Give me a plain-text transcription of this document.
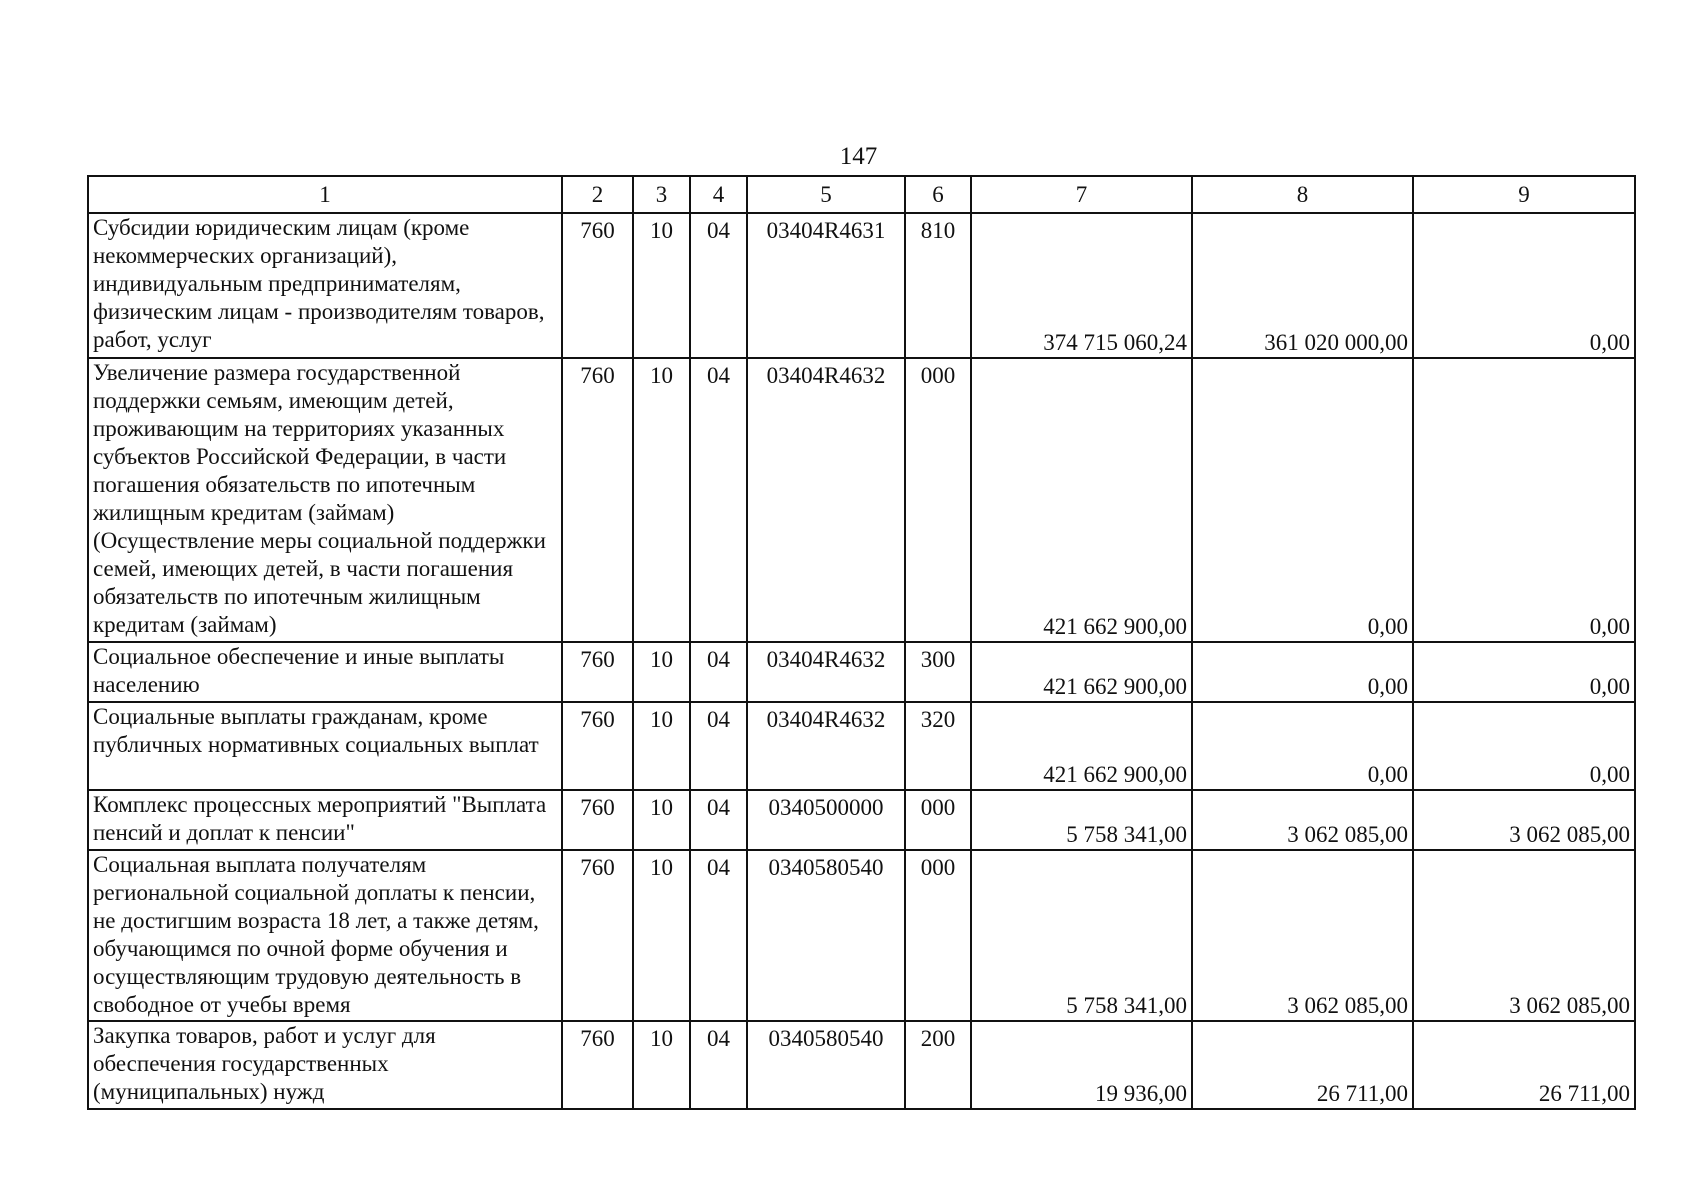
147
1	2	3	4	5	6	7	8	9
Субсидии юридическим лицам (кроме некоммерческих организаций), индивидуальным предпринимателям, физическим лицам - производителям товаров, работ, услуг	760	10	04	03404R4631	810	374 715 060,24	361 020 000,00	0,00
Увеличение размера государственной поддержки семьям, имеющим детей, проживающим на территориях указанных субъектов Российской Федерации, в части погашения обязательств по ипотечным жилищным кредитам (займам) (Осуществление меры социальной поддержки семей, имеющих детей, в части погашения обязательств по ипотечным жилищным кредитам (займам)	760	10	04	03404R4632	000	421 662 900,00	0,00	0,00
Социальное обеспечение и иные выплаты населению	760	10	04	03404R4632	300	421 662 900,00	0,00	0,00
Социальные выплаты гражданам, кроме публичных нормативных социальных выплат	760	10	04	03404R4632	320	421 662 900,00	0,00	0,00
Комплекс процессных мероприятий "Выплата пенсий и доплат к пенсии"	760	10	04	0340500000	000	5 758 341,00	3 062 085,00	3 062 085,00
Социальная выплата получателям региональной социальной доплаты к пенсии, не достигшим возраста 18 лет, а также детям, обучающимся по очной форме обучения и осуществляющим трудовую деятельность в свободное от учебы время	760	10	04	0340580540	000	5 758 341,00	3 062 085,00	3 062 085,00
Закупка товаров, работ и услуг для обеспечения государственных (муниципальных) нужд	760	10	04	0340580540	200	19 936,00	26 711,00	26 711,00
